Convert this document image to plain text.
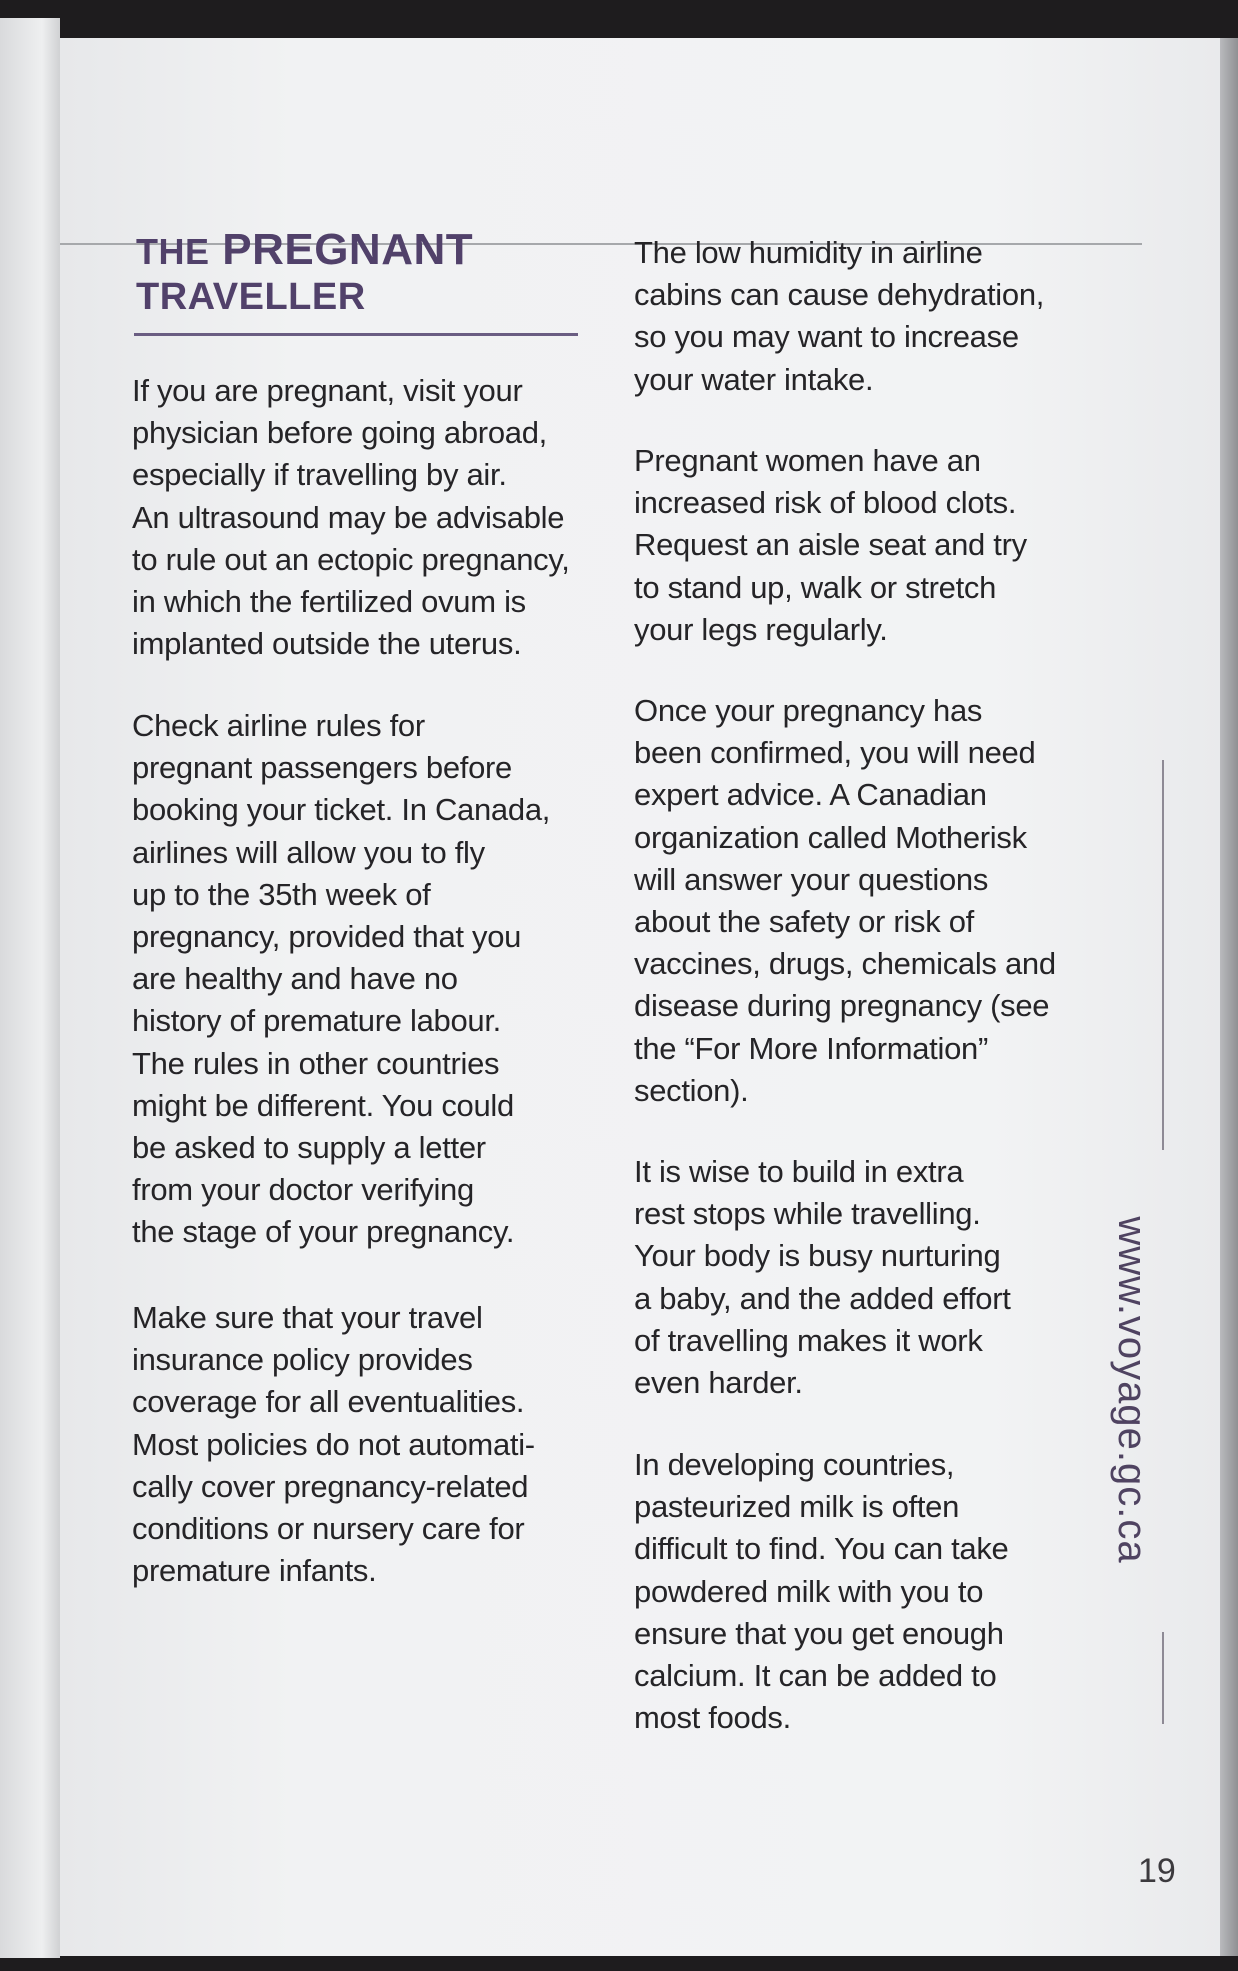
THE PREGNANT
TRAVELLER

If you are pregnant, visit your
physician before going abroad,
especially if travelling by air.
An ultrasound may be advisable
to rule out an ectopic pregnancy,
in which the fertilized ovum is
implanted outside the uterus.

Check airline rules for
pregnant passengers before
booking your ticket. In Canada,
airlines will allow you to fly
up to the 35th week of
pregnancy, provided that you
are healthy and have no
history of premature labour.
The rules in other countries
might be different. You could
be asked to supply a letter
from your doctor verifying
the stage of your pregnancy.

Make sure that your travel
insurance policy provides
coverage for all eventualities.
Most policies do not automati-
cally cover pregnancy-related
conditions or nursery care for
premature infants.

The low humidity in airline
cabins can cause dehydration,
so you may want to increase
your water intake.

Pregnant women have an
increased risk of blood clots.
Request an aisle seat and try
to stand up, walk or stretch
your legs regularly.

Once your pregnancy has
been confirmed, you will need
expert advice. A Canadian
organization called Motherisk
will answer your questions
about the safety or risk of
vaccines, drugs, chemicals and
disease during pregnancy (see
the “For More Information”
section).

It is wise to build in extra
rest stops while travelling.
Your body is busy nurturing
a baby, and the added effort
of travelling makes it work
even harder.

In developing countries,
pasteurized milk is often
difficult to find. You can take
powdered milk with you to
ensure that you get enough
calcium. It can be added to
most foods.

www.voyage.gc.ca
19
